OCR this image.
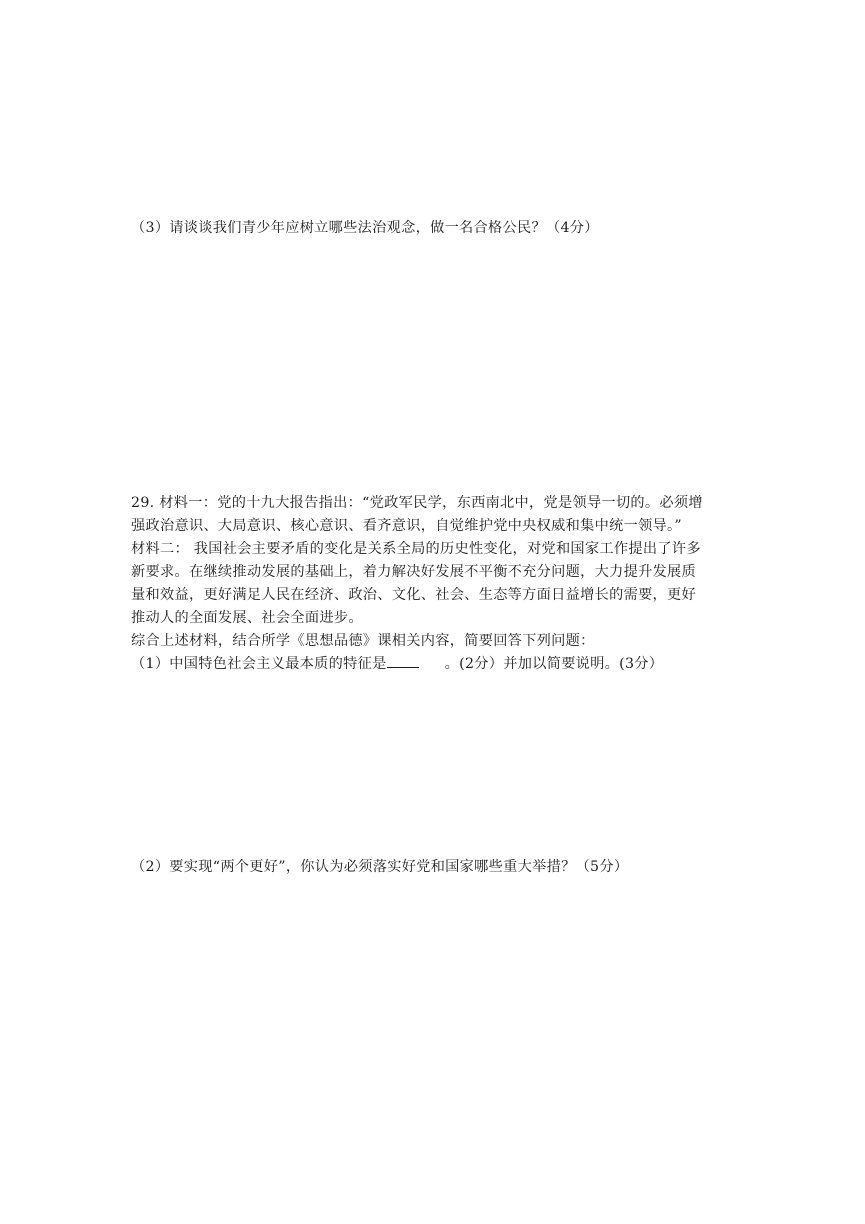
（3）请谈谈我们青少年应树立哪些法治观念，做一名合格公民？（4分）
29. 材料一：党的十九大报告指出：“党政军民学，东西南北中，党是领导一切的。必须增
强政治意识、大局意识、核心意识、看齐意识，自觉维护党中央权威和集中统一领导。”
材料二： 我国社会主要矛盾的变化是关系全局的历史性变化，对党和国家工作提出了许多
新要求。在继续推动发展的基础上，着力解决好发展不平衡不充分问题，大力提升发展质
量和效益，更好满足人民在经济、政治、文化、社会、生态等方面日益增长的需要，更好
推动人的全面发展、社会全面进步。
综合上述材料，结合所学《思想品德》课相关内容，简要回答下列问题：
（1）中国特色社会主义最本质的特征是	。(2分）并加以简要说明。(3分）
（2）要实现“两个更好”，你认为必须落实好党和国家哪些重大举措？（5分）
